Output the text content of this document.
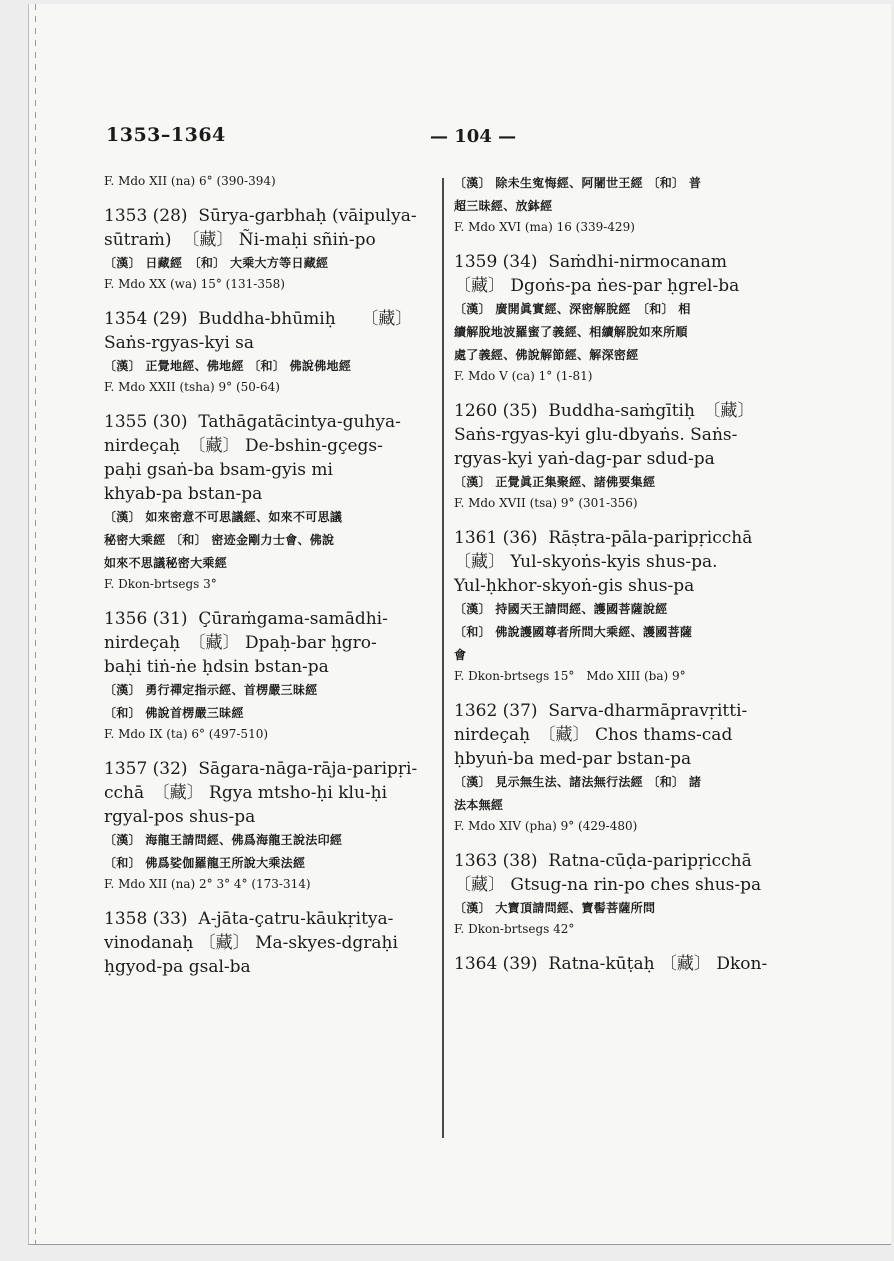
1353–1364	— 104 —

F. Mdo XII (na) 6° (390-394)

1353 (28)  Sūrya-garbhaḥ (vāipulya-

sūtraṁ)  〔藏〕 Ñi-maḥi sñiṅ-po

〔漢〕 日藏經　〔和〕 大乘大方等日藏經

F. Mdo XX (wa) 15° (131-358)

1354 (29)  Buddha-bhūmiḥ　　〔藏〕

Saṅs-rgyas-kyi sa

〔漢〕 正覺地經、佛地經 〔和〕 佛說佛地經

F. Mdo XXII (tsha) 9° (50-64)

1355 (30)  Tathāgatācintya-guhya-

nirdeçaḥ　〔藏〕 De-bshin-gçegs-

paḥi gsaṅ-ba bsam-gyis mi

khyab-pa bstan-pa

〔漢〕 如來密意不可思議經、如來不可思議

秘密大乘經 〔和〕 密迹金剛力士會、佛說

如來不思議秘密大乘經

F. Dkon-brtsegs 3°

1356 (31)  Çūraṁgama-samādhi-

nirdeçaḥ　〔藏〕 Dpaḥ-bar ḥgro-

baḥi tiṅ-ṅe ḥdsin bstan-pa

〔漢〕 勇行禪定指示經、首楞嚴三昧經

〔和〕 佛說首楞嚴三昧經

F. Mdo IX (ta) 6° (497-510)

1357 (32)  Sāgara-nāga-rāja-paripṛi-

cchā　〔藏〕 Rgya mtsho-ḥi klu-ḥi

rgyal-pos shus-pa

〔漢〕 海龍王請問經、佛爲海龍王說法印經

〔和〕 佛爲娑伽羅龍王所說大乘法經

F. Mdo XII (na) 2° 3° 4° (173-314)

1358 (33)  A-jāta-çatru-kāukṛitya-

vinodanaḥ 〔藏〕 Ma-skyes-dgraḥi

ḥgyod-pa gsal-ba

〔漢〕 除未生寃悔經、阿闍世王經 〔和〕 普

超三昧經、放鉢經

F. Mdo XVI (ma) 16 (339-429)

1359 (34)  Saṁdhi-nirmocanam

〔藏〕 Dgoṅs-pa ṅes-par ḥgrel-ba

〔漢〕 廣開眞實經、深密解脫經　〔和〕 相

續解脫地波羅蜜了義經、相續解脫如來所順

處了義經、佛說解節經、解深密經

F. Mdo V (ca) 1° (1-81)

1260 (35)  Buddha-saṁgītiḥ　〔藏〕

Saṅs-rgyas-kyi glu-dbyaṅs. Saṅs-

rgyas-kyi yaṅ-dag-par sdud-pa

〔漢〕 正覺眞正集聚經、諸佛要集經

F. Mdo XVII (tsa) 9° (301-356)

1361 (36)  Rāṣtra-pāla-paripṛicchā

〔藏〕 Yul-skyoṅs-kyis shus-pa.

Yul-ḥkhor-skyoṅ-gis shus-pa

〔漢〕 持國天王請問經、護國菩薩說經

〔和〕 佛說護國尊者所問大乘經、護國菩薩

會

F. Dkon-brtsegs 15°　Mdo XIII (ba) 9°

1362 (37)  Sarva-dharmāpravṛitti-

nirdeçaḥ　〔藏〕 Chos thams-cad

ḥbyuṅ-ba med-par bstan-pa

〔漢〕 見示無生法、諸法無行法經 〔和〕 諸

法本無經

F. Mdo XIV (pha) 9° (429-480)

1363 (38)  Ratna-cūḍa-paripṛicchā

〔藏〕 Gtsug-na rin-po ches shus-pa

〔漢〕 大寶頂請問經、寶髻菩薩所問

F. Dkon-brtsegs 42°

1364 (39)  Ratna-kūṭaḥ 〔藏〕 Dkon-
